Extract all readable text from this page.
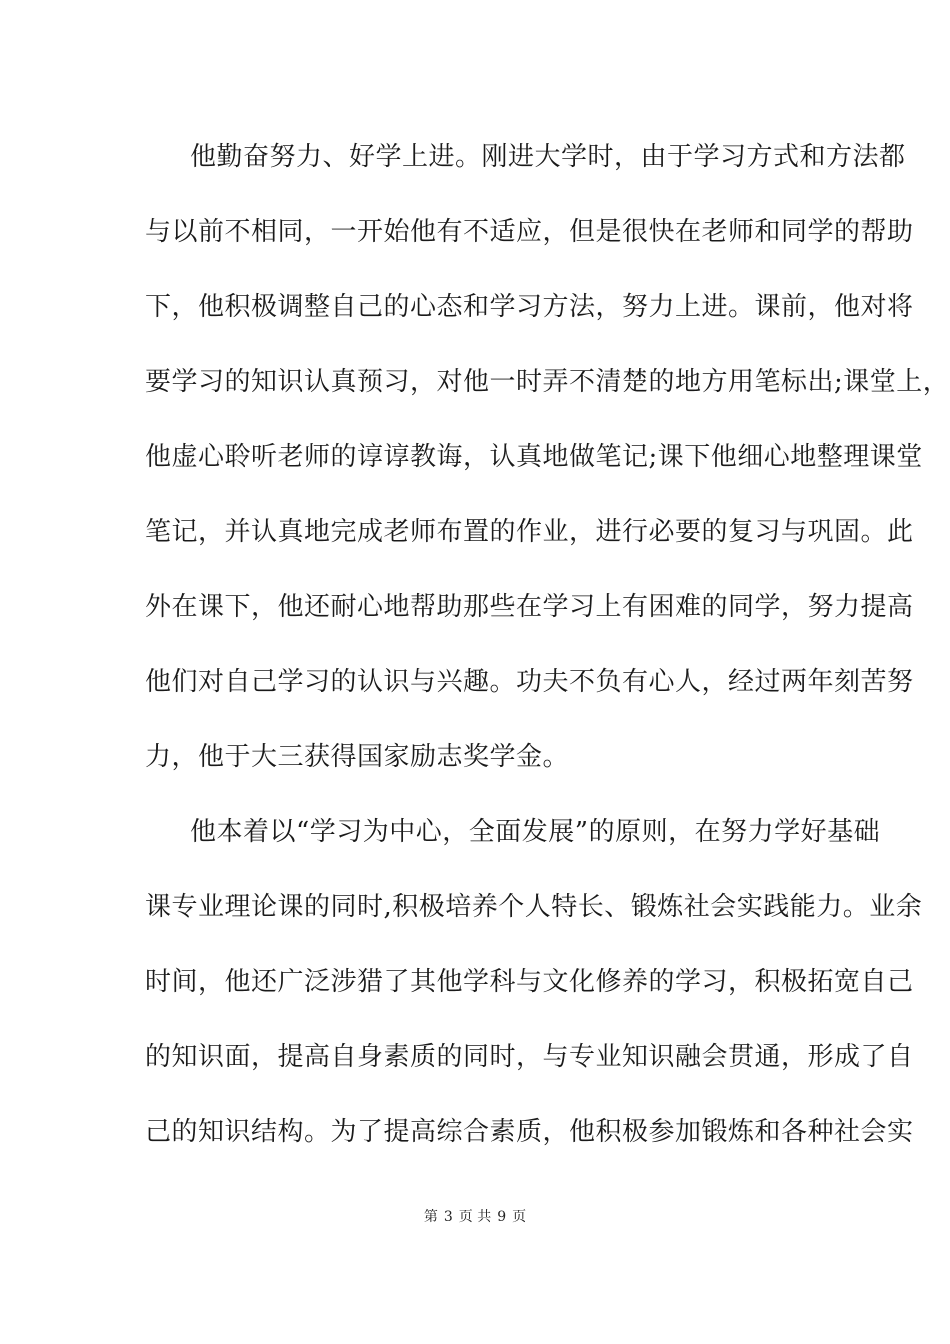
他勤奋努力、好学上进。刚进大学时，由于学习方式和方法都
与以前不相同，一开始他有不适应，但是很快在老师和同学的帮助
下，他积极调整自己的心态和学习方法，努力上进。课前，他对将
要学习的知识认真预习，对他一时弄不清楚的地方用笔标出;课堂上，
他虚心聆听老师的谆谆教诲，认真地做笔记;课下他细心地整理课堂
笔记，并认真地完成老师布置的作业，进行必要的复习与巩固。此
外在课下，他还耐心地帮助那些在学习上有困难的同学，努力提高
他们对自己学习的认识与兴趣。功夫不负有心人，经过两年刻苦努
力，他于大三获得国家励志奖学金。
他本着以“学习为中心，全面发展”的原则，在努力学好基础
课专业理论课的同时,积极培养个人特长、锻炼社会实践能力。业余
时间，他还广泛涉猎了其他学科与文化修养的学习，积极拓宽自己
的知识面，提高自身素质的同时，与专业知识融会贯通，形成了自
己的知识结构。为了提高综合素质，他积极参加锻炼和各种社会实
第 3 页 共 9 页
